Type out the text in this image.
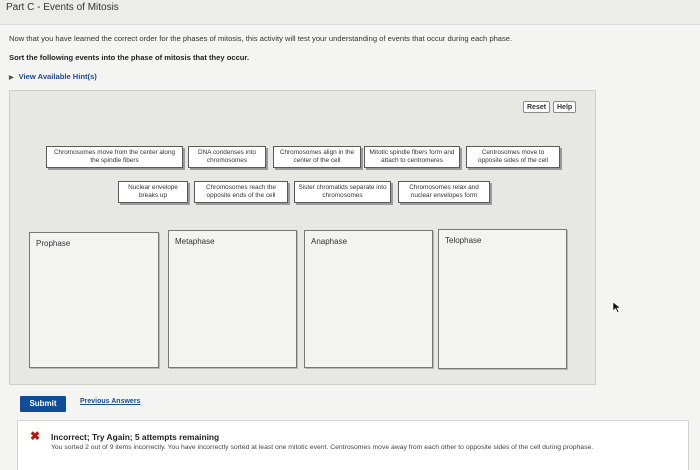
Part C - Events of Mitosis
Now that you have learned the correct order for the phases of mitosis, this activity will test your understanding of events that occur during each phase.
Sort the following events into the phase of mitosis that they occur.
▶ View Available Hint(s)
Reset	Help
Chromosomes move from the center along the spindle fibers
DNA condenses into chromosomes
Chromosomes align in the center of the cell
Mitotic spindle fibers form and attach to centromeres
Centrosomes move to opposite sides of the cell
Nuclear envelope breaks up
Chromosomes reach the opposite ends of the cell
Sister chromatids separate into chromosomes
Chromosomes relax and nuclear envelopes form
Prophase	Metaphase	Anaphase	Telophase
Submit	Previous Answers
✖ Incorrect; Try Again; 5 attempts remaining
You sorted 2 out of 9 items incorrectly. You have incorrectly sorted at least one mitotic event. Centrosomes move away from each other to opposite sides of the cell during prophase.
